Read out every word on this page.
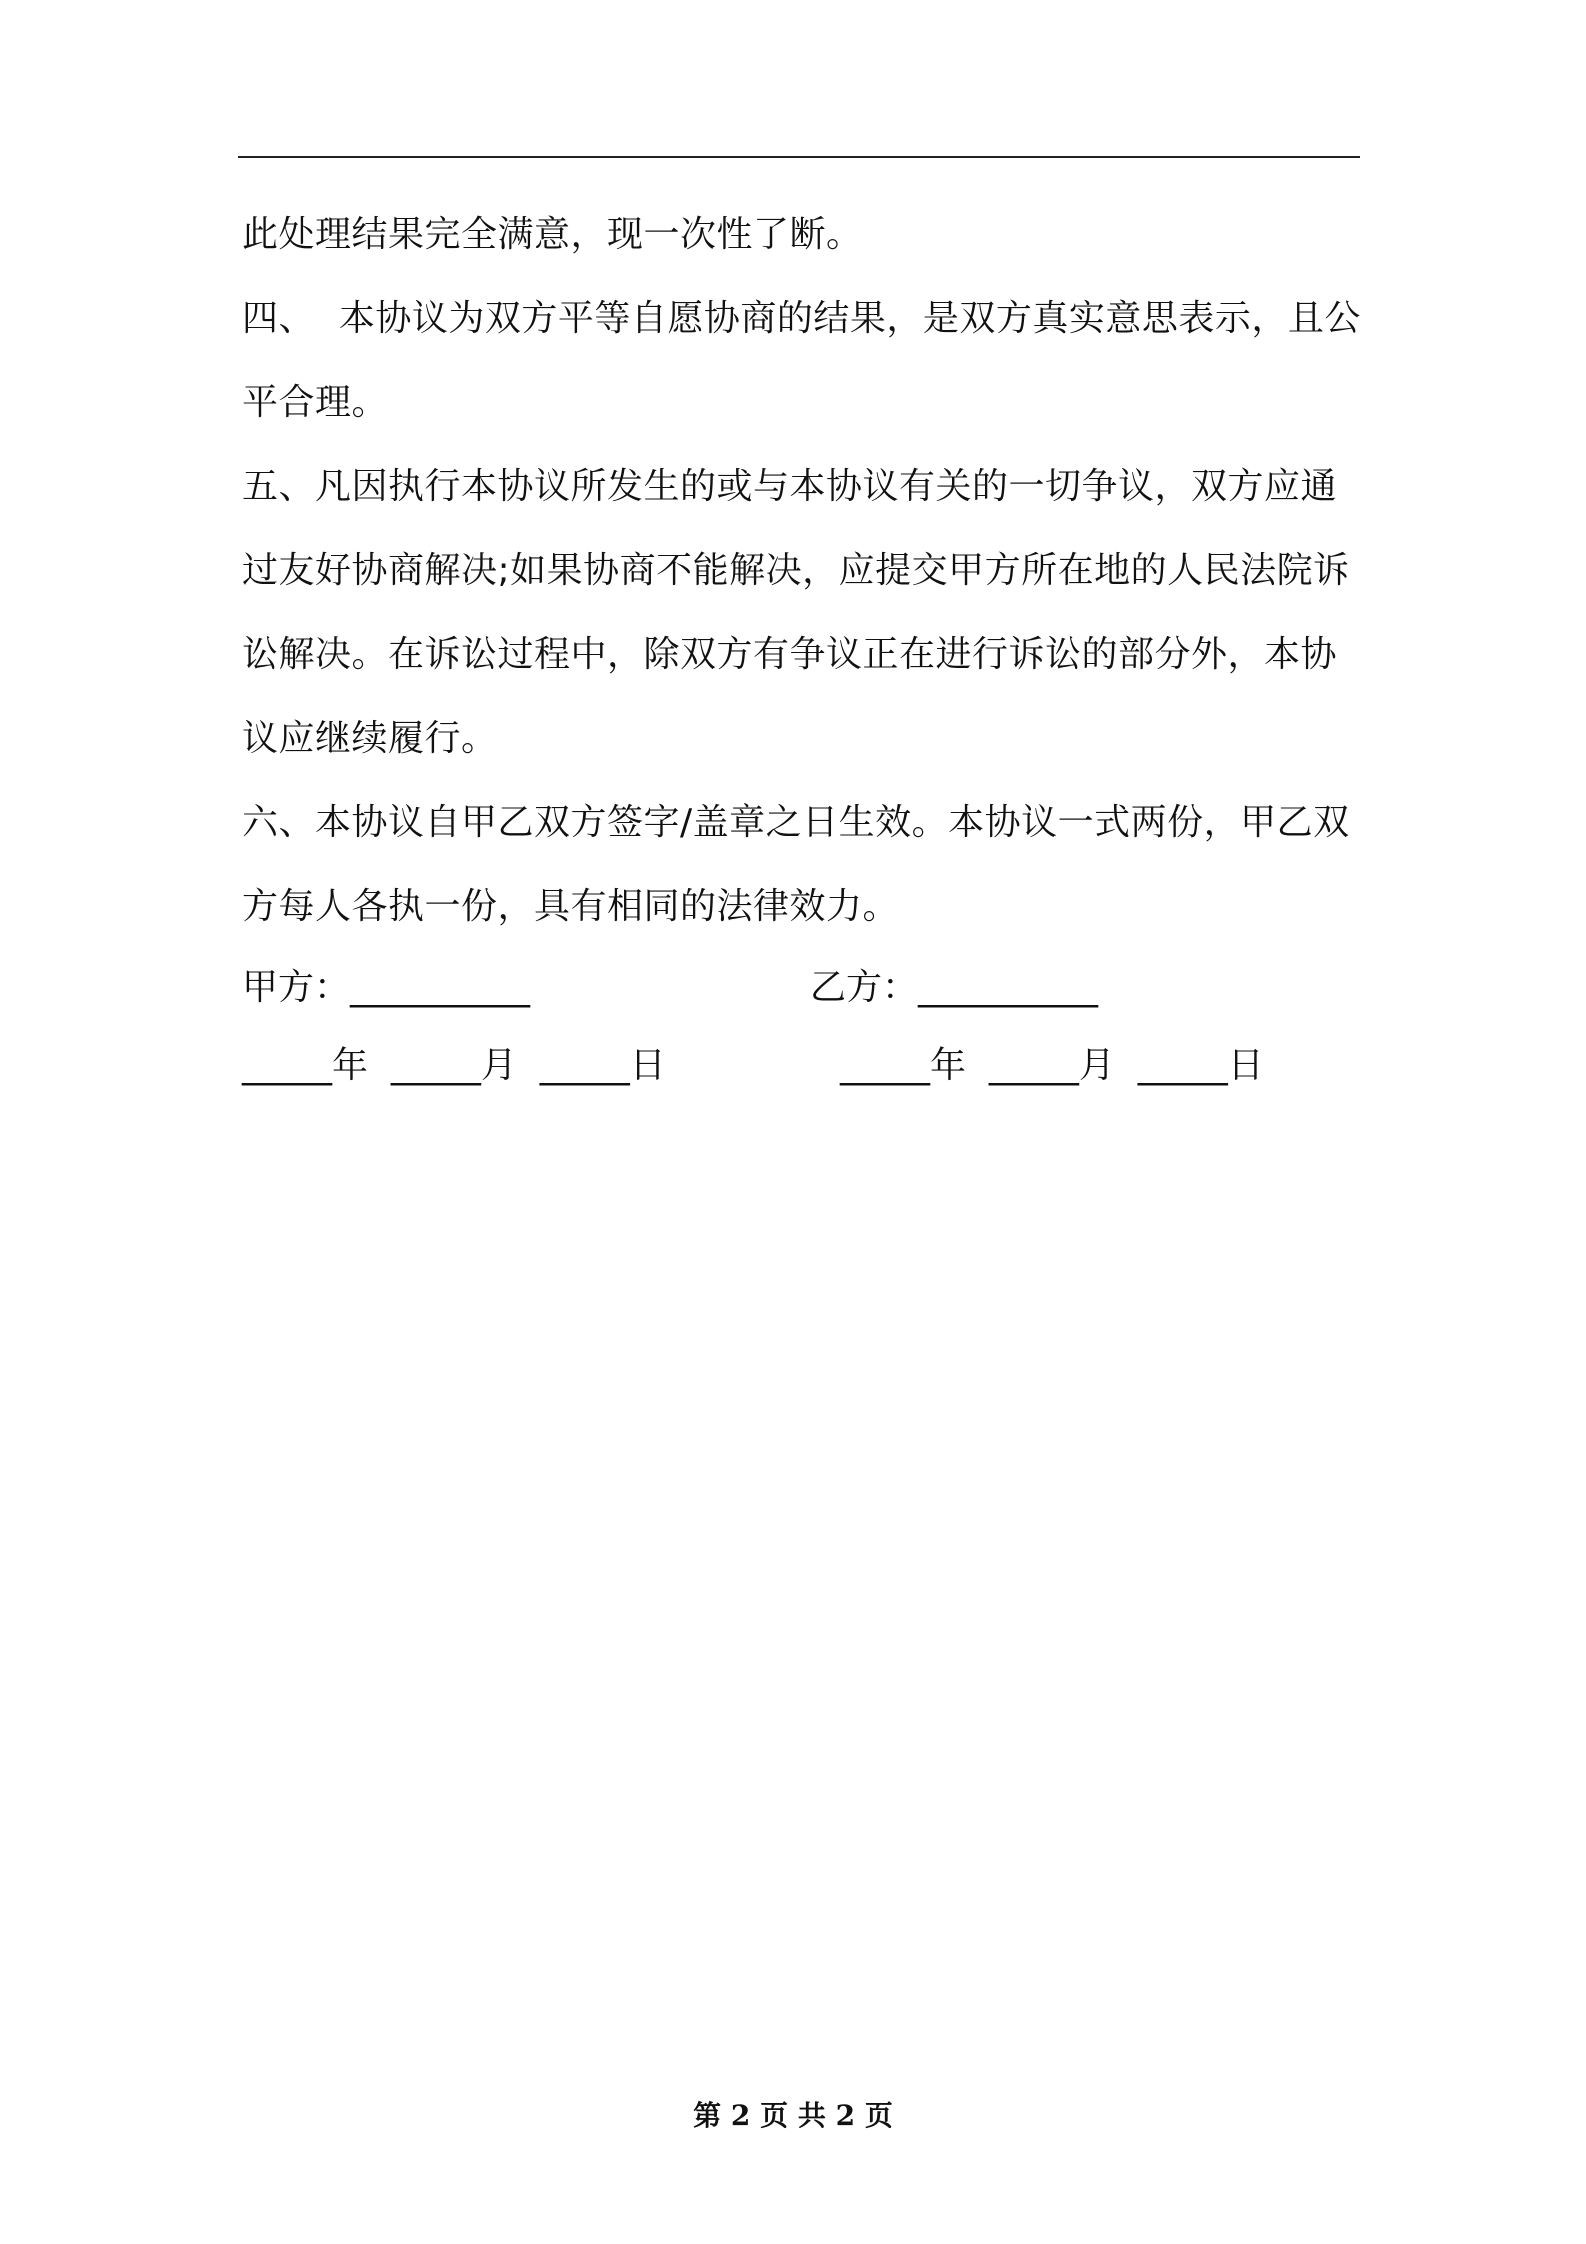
此处理结果完全满意，现一次性了断。

四、  本协议为双方平等自愿协商的结果，是双方真实意思表示，且公平合理。

五、凡因执行本协议所发生的或与本协议有关的一切争议，双方应通过友好协商解决;如果协商不能解决，应提交甲方所在地的人民法院诉讼解决。在诉讼过程中，除双方有争议正在进行诉讼的部分外，本协议应继续履行。

六、本协议自甲乙双方签字/盖章之日生效。本协议一式两份，甲乙双方每人各执一份，具有相同的法律效力。

甲方：__________	乙方：__________
_____年  _____月  _____日	_____年  _____月  _____日
第 2 页 共 2 页
